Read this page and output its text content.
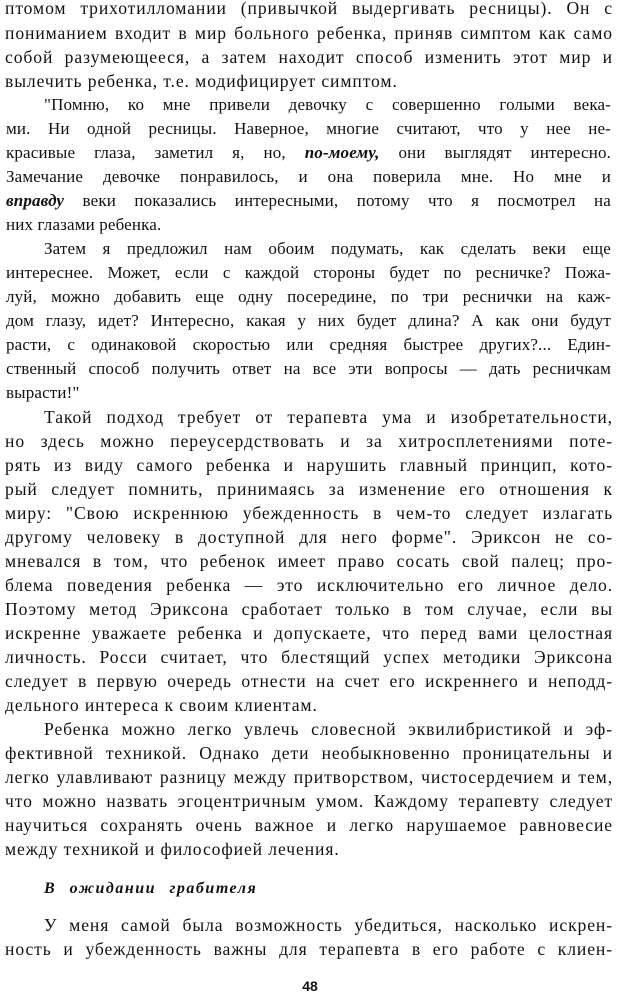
птомом трихотилломании (привычкой выдергивать ресницы). Он с

пониманием входит в мир больного ребенка, приняв симптом как само

собой разумеющееся, а затем находит способ изменить этот мир и

вылечить ребенка, т.е. модифицирует симптом.

"Помню, ко мне привели девочку с совершенно голыми века-

ми. Ни одной ресницы. Наверное, многие считают, что у нее не-

красивые глаза, заметил я, но, по-моему, они выглядят интересно.

Замечание девочке понравилось, и она поверила мне. Но мне и

вправду веки показались интересными, потому что я посмотрел на

них глазами ребенка.

Затем я предложил нам обоим подумать, как сделать веки еще

интереснее. Может, если с каждой стороны будет по ресничке? Пожа-

луй, можно добавить еще одну посередине, по три реснички на каж-

дом глазу, идет? Интересно, какая у них будет длина? А как они будут

расти, с одинаковой скоростью или средняя быстрее других?... Един-

ственный способ получить ответ на все эти вопросы — дать ресничкам

вырасти!"

Такой подход требует от терапевта ума и изобретательности,

но здесь можно переусердствовать и за хитросплетениями поте-

рять из виду самого ребенка и нарушить главный принцип, кото-

рый следует помнить, принимаясь за изменение его отношения к

миру: "Свою искреннюю убежденность в чем-то следует излагать

другому человеку в доступной для него форме". Эриксон не со-

мневался в том, что ребенок имеет право сосать свой палец; про-

блема поведения ребенка — это исключительно его личное дело.

Поэтому метод Эриксона сработает только в том случае, если вы

искренне уважаете ребенка и допускаете, что перед вами целостная

личность. Росси считает, что блестящий успех методики Эриксона

следует в первую очередь отнести на счет его искреннего и неподд-

дельного интереса к своим клиентам.

Ребенка можно легко увлечь словесной эквилибристикой и эф-

фективной техникой. Однако дети необыкновенно проницательны и

легко улавливают разницу между притворством, чистосердечием и тем,

что можно назвать эгоцентричным умом. Каждому терапевту следует

научиться сохранять очень важное и легко нарушаемое равновесие

между техникой и философией лечения.

В ожидании грабителя

У меня самой была возможность убедиться, насколько искрен-

ность и убежденность важны для терапевта в его работе с клиен-

48
